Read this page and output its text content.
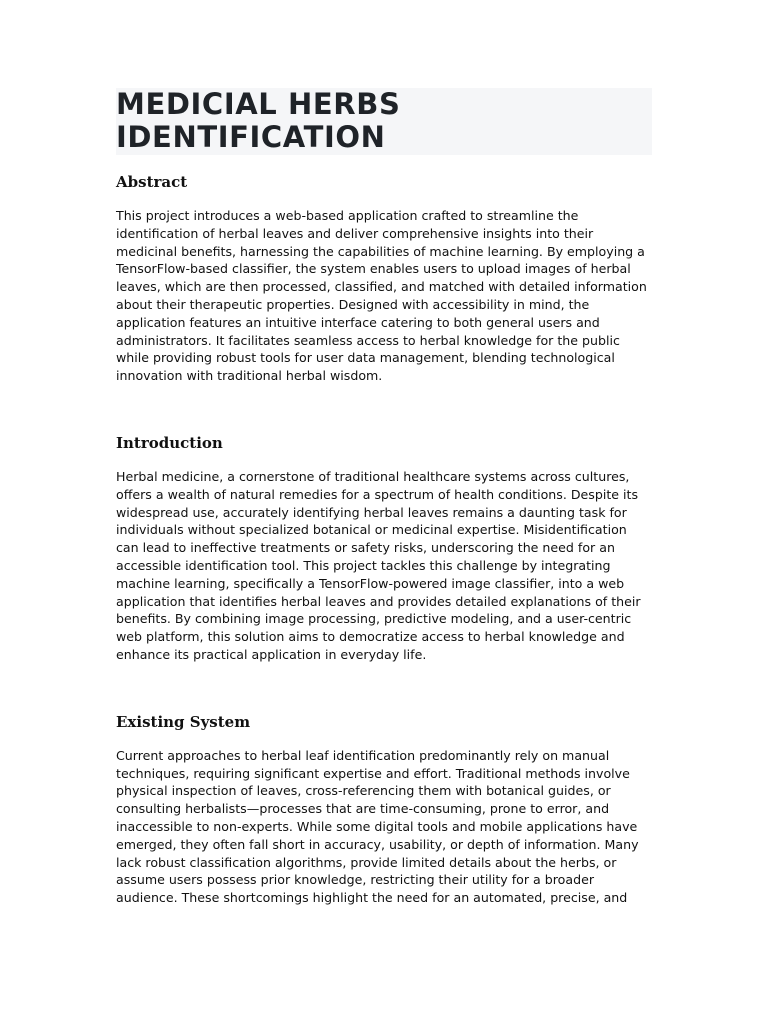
MEDICIAL HERBS IDENTIFICATION
Abstract

This project introduces a web-based application crafted to streamline the identification of herbal leaves and deliver comprehensive insights into their medicinal benefits, harnessing the capabilities of machine learning. By employing a TensorFlow-based classifier, the system enables users to upload images of herbal leaves, which are then processed, classified, and matched with detailed information about their therapeutic properties. Designed with accessibility in mind, the application features an intuitive interface catering to both general users and administrators. It facilitates seamless access to herbal knowledge for the public while providing robust tools for user data management, blending technological innovation with traditional herbal wisdom.

Introduction

Herbal medicine, a cornerstone of traditional healthcare systems across cultures, offers a wealth of natural remedies for a spectrum of health conditions. Despite its widespread use, accurately identifying herbal leaves remains a daunting task for individuals without specialized botanical or medicinal expertise. Misidentification can lead to ineffective treatments or safety risks, underscoring the need for an accessible identification tool. This project tackles this challenge by integrating machine learning, specifically a TensorFlow-powered image classifier, into a web application that identifies herbal leaves and provides detailed explanations of their benefits. By combining image processing, predictive modeling, and a user-centric web platform, this solution aims to democratize access to herbal knowledge and enhance its practical application in everyday life.

Existing System

Current approaches to herbal leaf identification predominantly rely on manual techniques, requiring significant expertise and effort. Traditional methods involve physical inspection of leaves, cross-referencing them with botanical guides, or consulting herbalists—processes that are time-consuming, prone to error, and inaccessible to non-experts. While some digital tools and mobile applications have emerged, they often fall short in accuracy, usability, or depth of information. Many lack robust classification algorithms, provide limited details about the herbs, or assume users possess prior knowledge, restricting their utility for a broader audience. These shortcomings highlight the need for an automated, precise, and
